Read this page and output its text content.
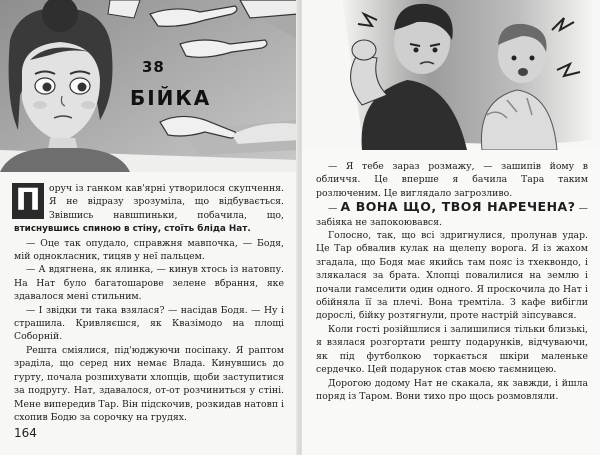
38
БІЙКА

П оруч із ганком кав'ярні утворилося скупчення. Я не відразу зрозуміла, що відбувається. Звівшись навшпиньки, побачила, що, втиснувшись спиною в стіну, стоїть бліда Нат.

— Оце так опудало, справжня мавпочка, — Бодя, мій однокласник, тицяв у неї пальцем.

— А вдягнена, як ялинка, — кинув хтось із натовпу. На Нат було багатошарове зелене вбрання, яке здавалося мені стильним.

— І звідки ти така взялася? — насідав Бодя. — Ну і страшила. Кривляєшся, як Квазімодо на площі Соборній.

Решта сміялися, під'юджуючи посіпаку. Я раптом зраділа, що серед них немає Влада. Кинувшись до гурту, почала розпихувати хлопців, щоби заступитися за подругу. Нат, здавалося, от-от розчиниться у стіні. Мене випередив Тар. Він підскочив, розкидав натовп і схопив Бодю за сорочку на грудях.

164

— Я тебе зараз розмажу, — зашипів йому в обличчя. Це вперше я бачила Тара таким розлюченим. Це виглядало загрозливо.

— А ВОНА ЩО, ТВОЯ НАРЕЧЕНА? — забіяка не запокоювався.

Голосно, так, що всі здригнулися, пролунав удар. Це Тар обвалив кулак на щелепу ворога. Я із жахом згадала, що Бодя має якийсь там пояс із тхеквондо, і злякалася за брата. Хлопці повалилися на землю і почали гамселити один одного. Я проскочила до Нат і обійняла її за плечі. Вона тремтіла. З кафе вибігли дорослі, бійку розтягнули, проте настрій зіпсувався.

Коли гості розійшлися і залишилися тільки близькі, я взялася розгортати решту подарунків, відчуваючи, як під футболкою торкається шкіри маленьке сердечко. Цей подарунок став моєю таємницею.

Дорогою додому Нат не скакала, як завжди, і йшла поряд із Таром. Вони тихо про щось розмовляли.
